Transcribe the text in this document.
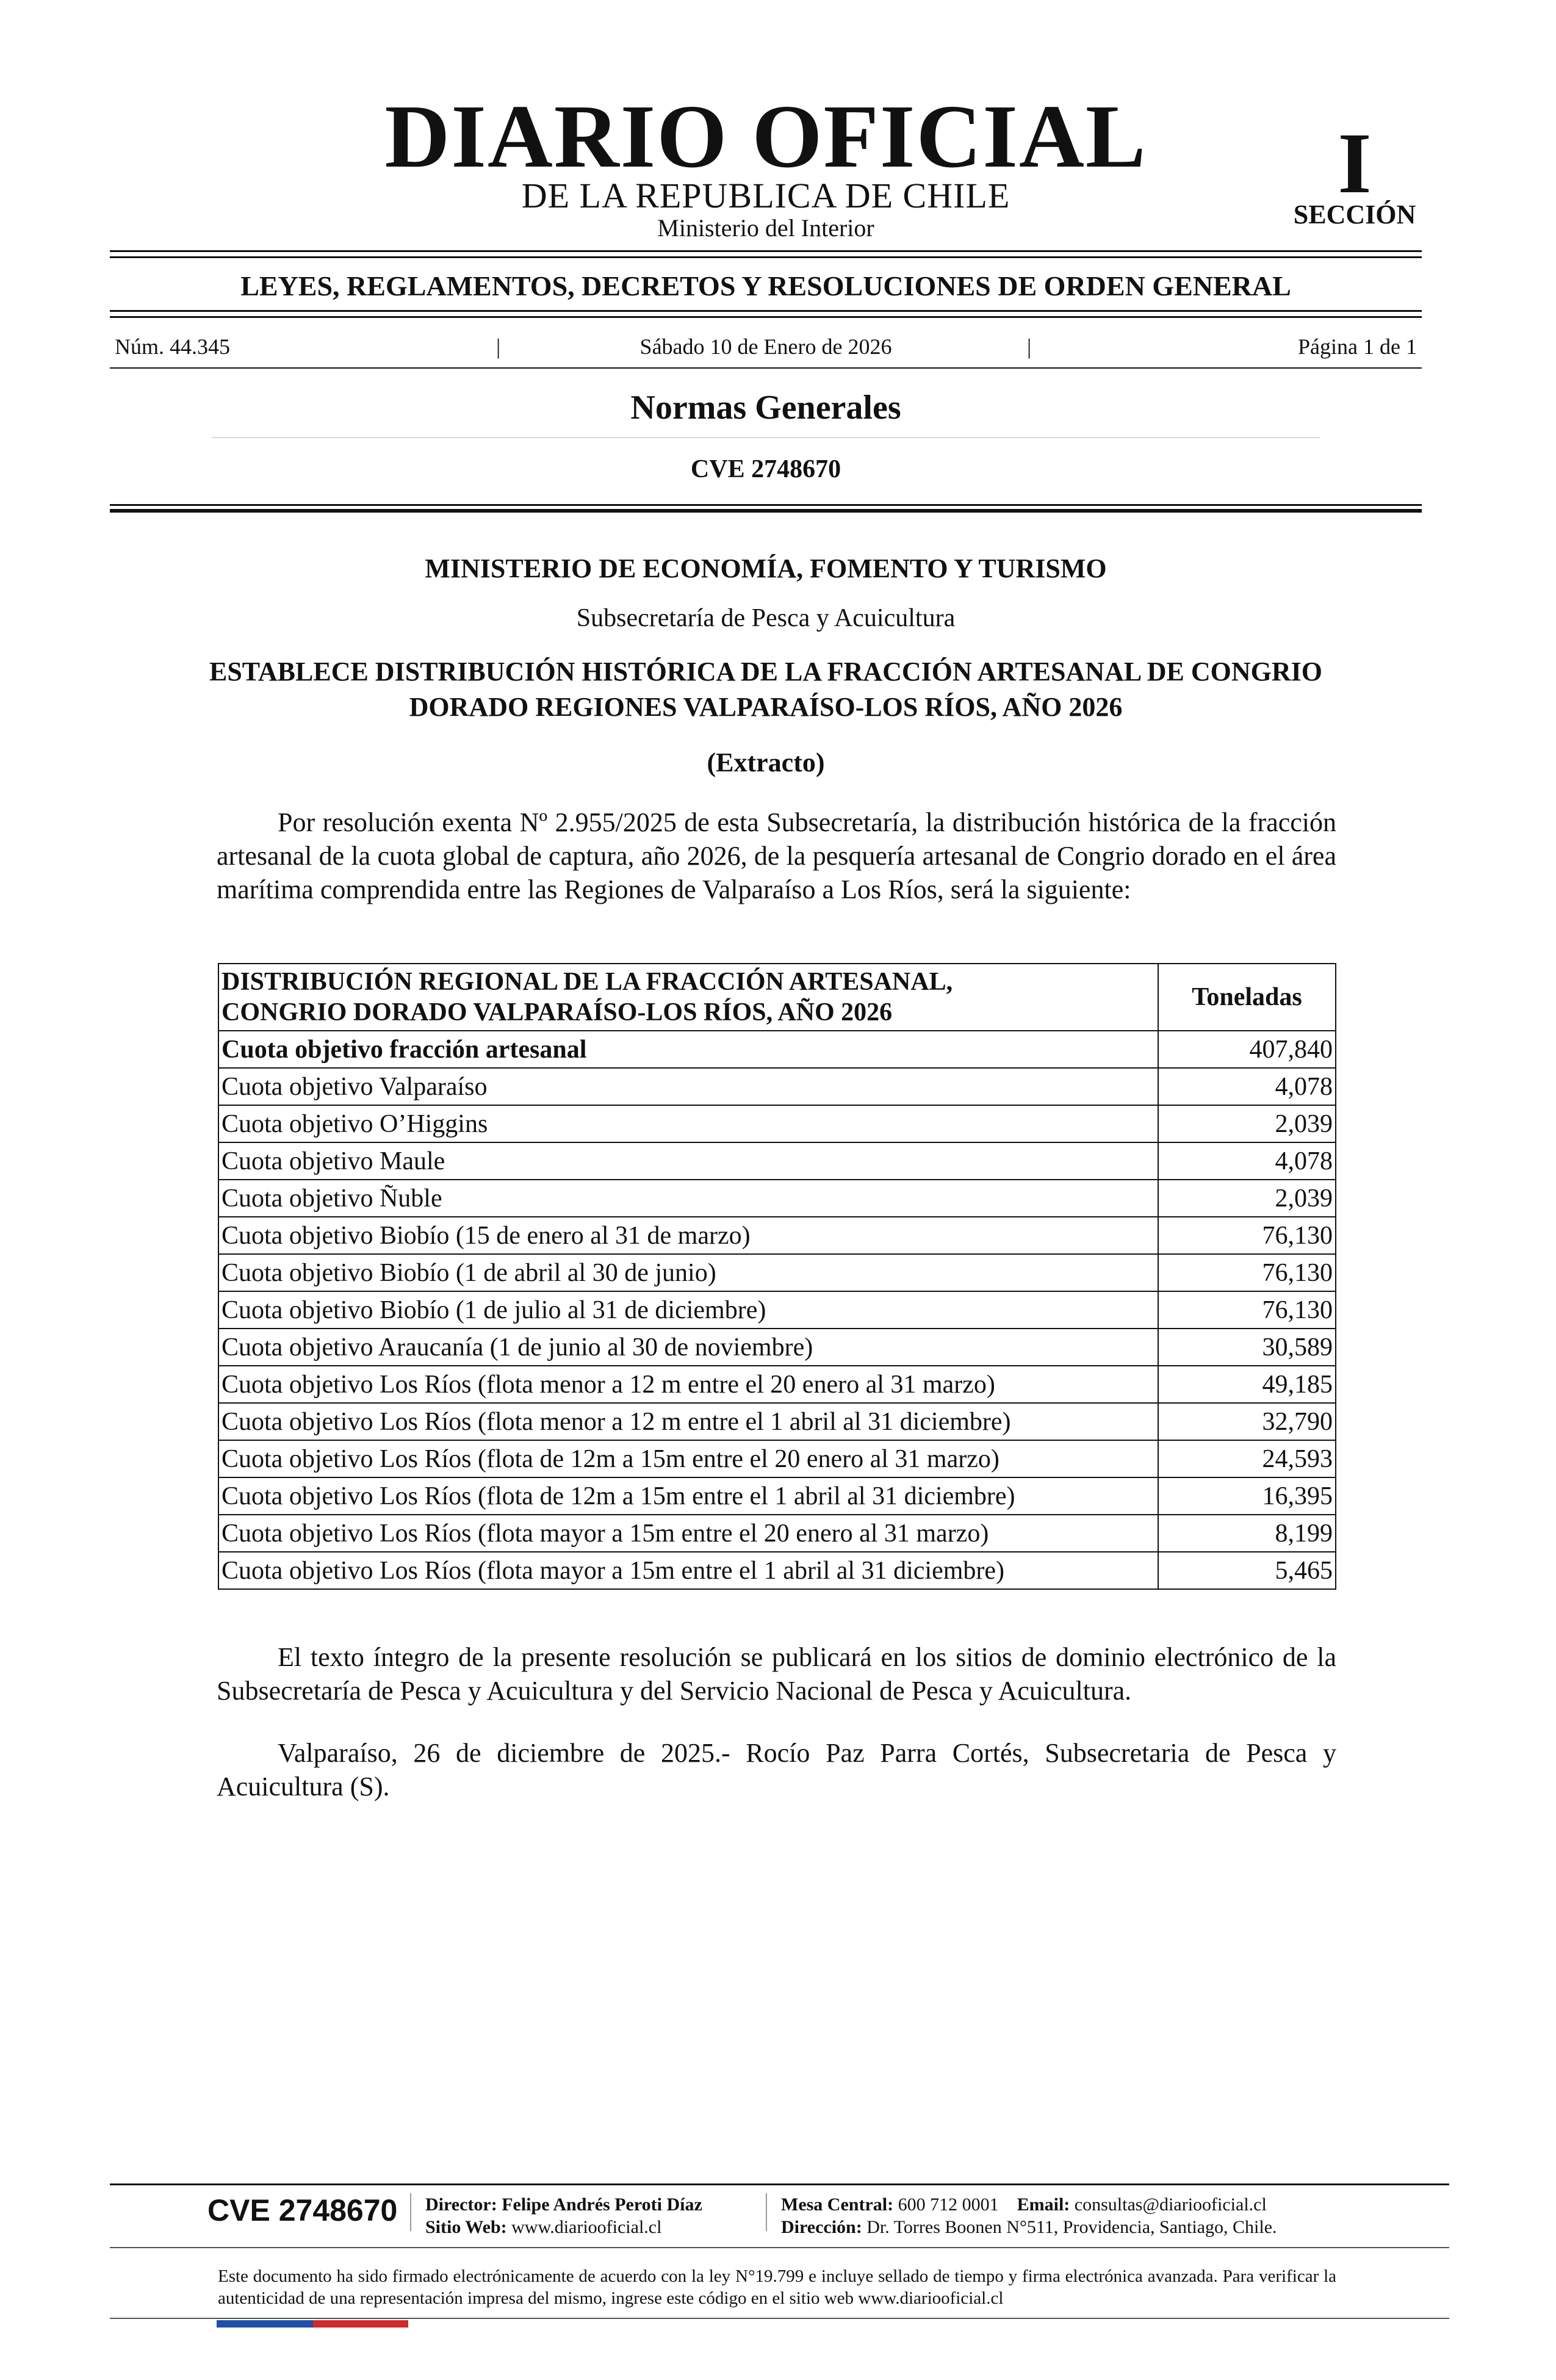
DIARIO OFICIAL
DE LA REPUBLICA DE CHILE
Ministerio del Interior
I
SECCIÓN
LEYES, REGLAMENTOS, DECRETOS Y RESOLUCIONES DE ORDEN GENERAL
Sábado 10 de Enero de 2026
Núm. 44.345	|	|	Página 1 de 1
Normas Generales
CVE 2748670
MINISTERIO DE ECONOMÍA, FOMENTO Y TURISMO
Subsecretaría de Pesca y Acuicultura
ESTABLECE DISTRIBUCIÓN HISTÓRICA DE LA FRACCIÓN ARTESANAL DE CONGRIO DORADO REGIONES VALPARAÍSO-LOS RÍOS, AÑO 2026
(Extracto)

Por resolución exenta Nº 2.955/2025 de esta Subsecretaría, la distribución histórica de la fracción artesanal de la cuota global de captura, año 2026, de la pesquería artesanal de Congrio dorado en el área marítima comprendida entre las Regiones de Valparaíso a Los Ríos, será la siguiente:

DISTRIBUCIÓN REGIONAL DE LA FRACCIÓN ARTESANAL,
CONGRIO DORADO VALPARAÍSO-LOS RÍOS, AÑO 2026	Toneladas
Cuota objetivo fracción artesanal	407,840
Cuota objetivo Valparaíso	4,078
Cuota objetivo O’Higgins	2,039
Cuota objetivo Maule	4,078
Cuota objetivo Ñuble	2,039
Cuota objetivo Biobío (15 de enero al 31 de marzo)	76,130
Cuota objetivo Biobío (1 de abril al 30 de junio)	76,130
Cuota objetivo Biobío (1 de julio al 31 de diciembre)	76,130
Cuota objetivo Araucanía (1 de junio al 30 de noviembre)	30,589
Cuota objetivo Los Ríos (flota menor a 12 m entre el 20 enero al 31 marzo)	49,185
Cuota objetivo Los Ríos (flota menor a 12 m entre el 1 abril al 31 diciembre)	32,790
Cuota objetivo Los Ríos (flota de 12m a 15m entre el 20 enero al 31 marzo)	24,593
Cuota objetivo Los Ríos (flota de 12m a 15m entre el 1 abril al 31 diciembre)	16,395
Cuota objetivo Los Ríos (flota mayor a 15m entre el 20 enero al 31 marzo)	8,199
Cuota objetivo Los Ríos (flota mayor a 15m entre el 1 abril al 31 diciembre)	5,465

El texto íntegro de la presente resolución se publicará en los sitios de dominio electrónico de la Subsecretaría de Pesca y Acuicultura y del Servicio Nacional de Pesca y Acuicultura.

Valparaíso, 26 de diciembre de 2025.- Rocío Paz Parra Cortés, Subsecretaria de Pesca y Acuicultura (S).

CVE 2748670 Director: Felipe Andrés Peroti Díaz
Sitio Web: www.diariooficial.cl
Mesa Central: 600 712 0001 Email: consultas@diariooficial.cl
Dirección: Dr. Torres Boonen N°511, Providencia, Santiago, Chile.

Este documento ha sido firmado electrónicamente de acuerdo con la ley N°19.799 e incluye sellado de tiempo y firma electrónica avanzada. Para verificar la autenticidad de una representación impresa del mismo, ingrese este código en el sitio web www.diariooficial.cl
